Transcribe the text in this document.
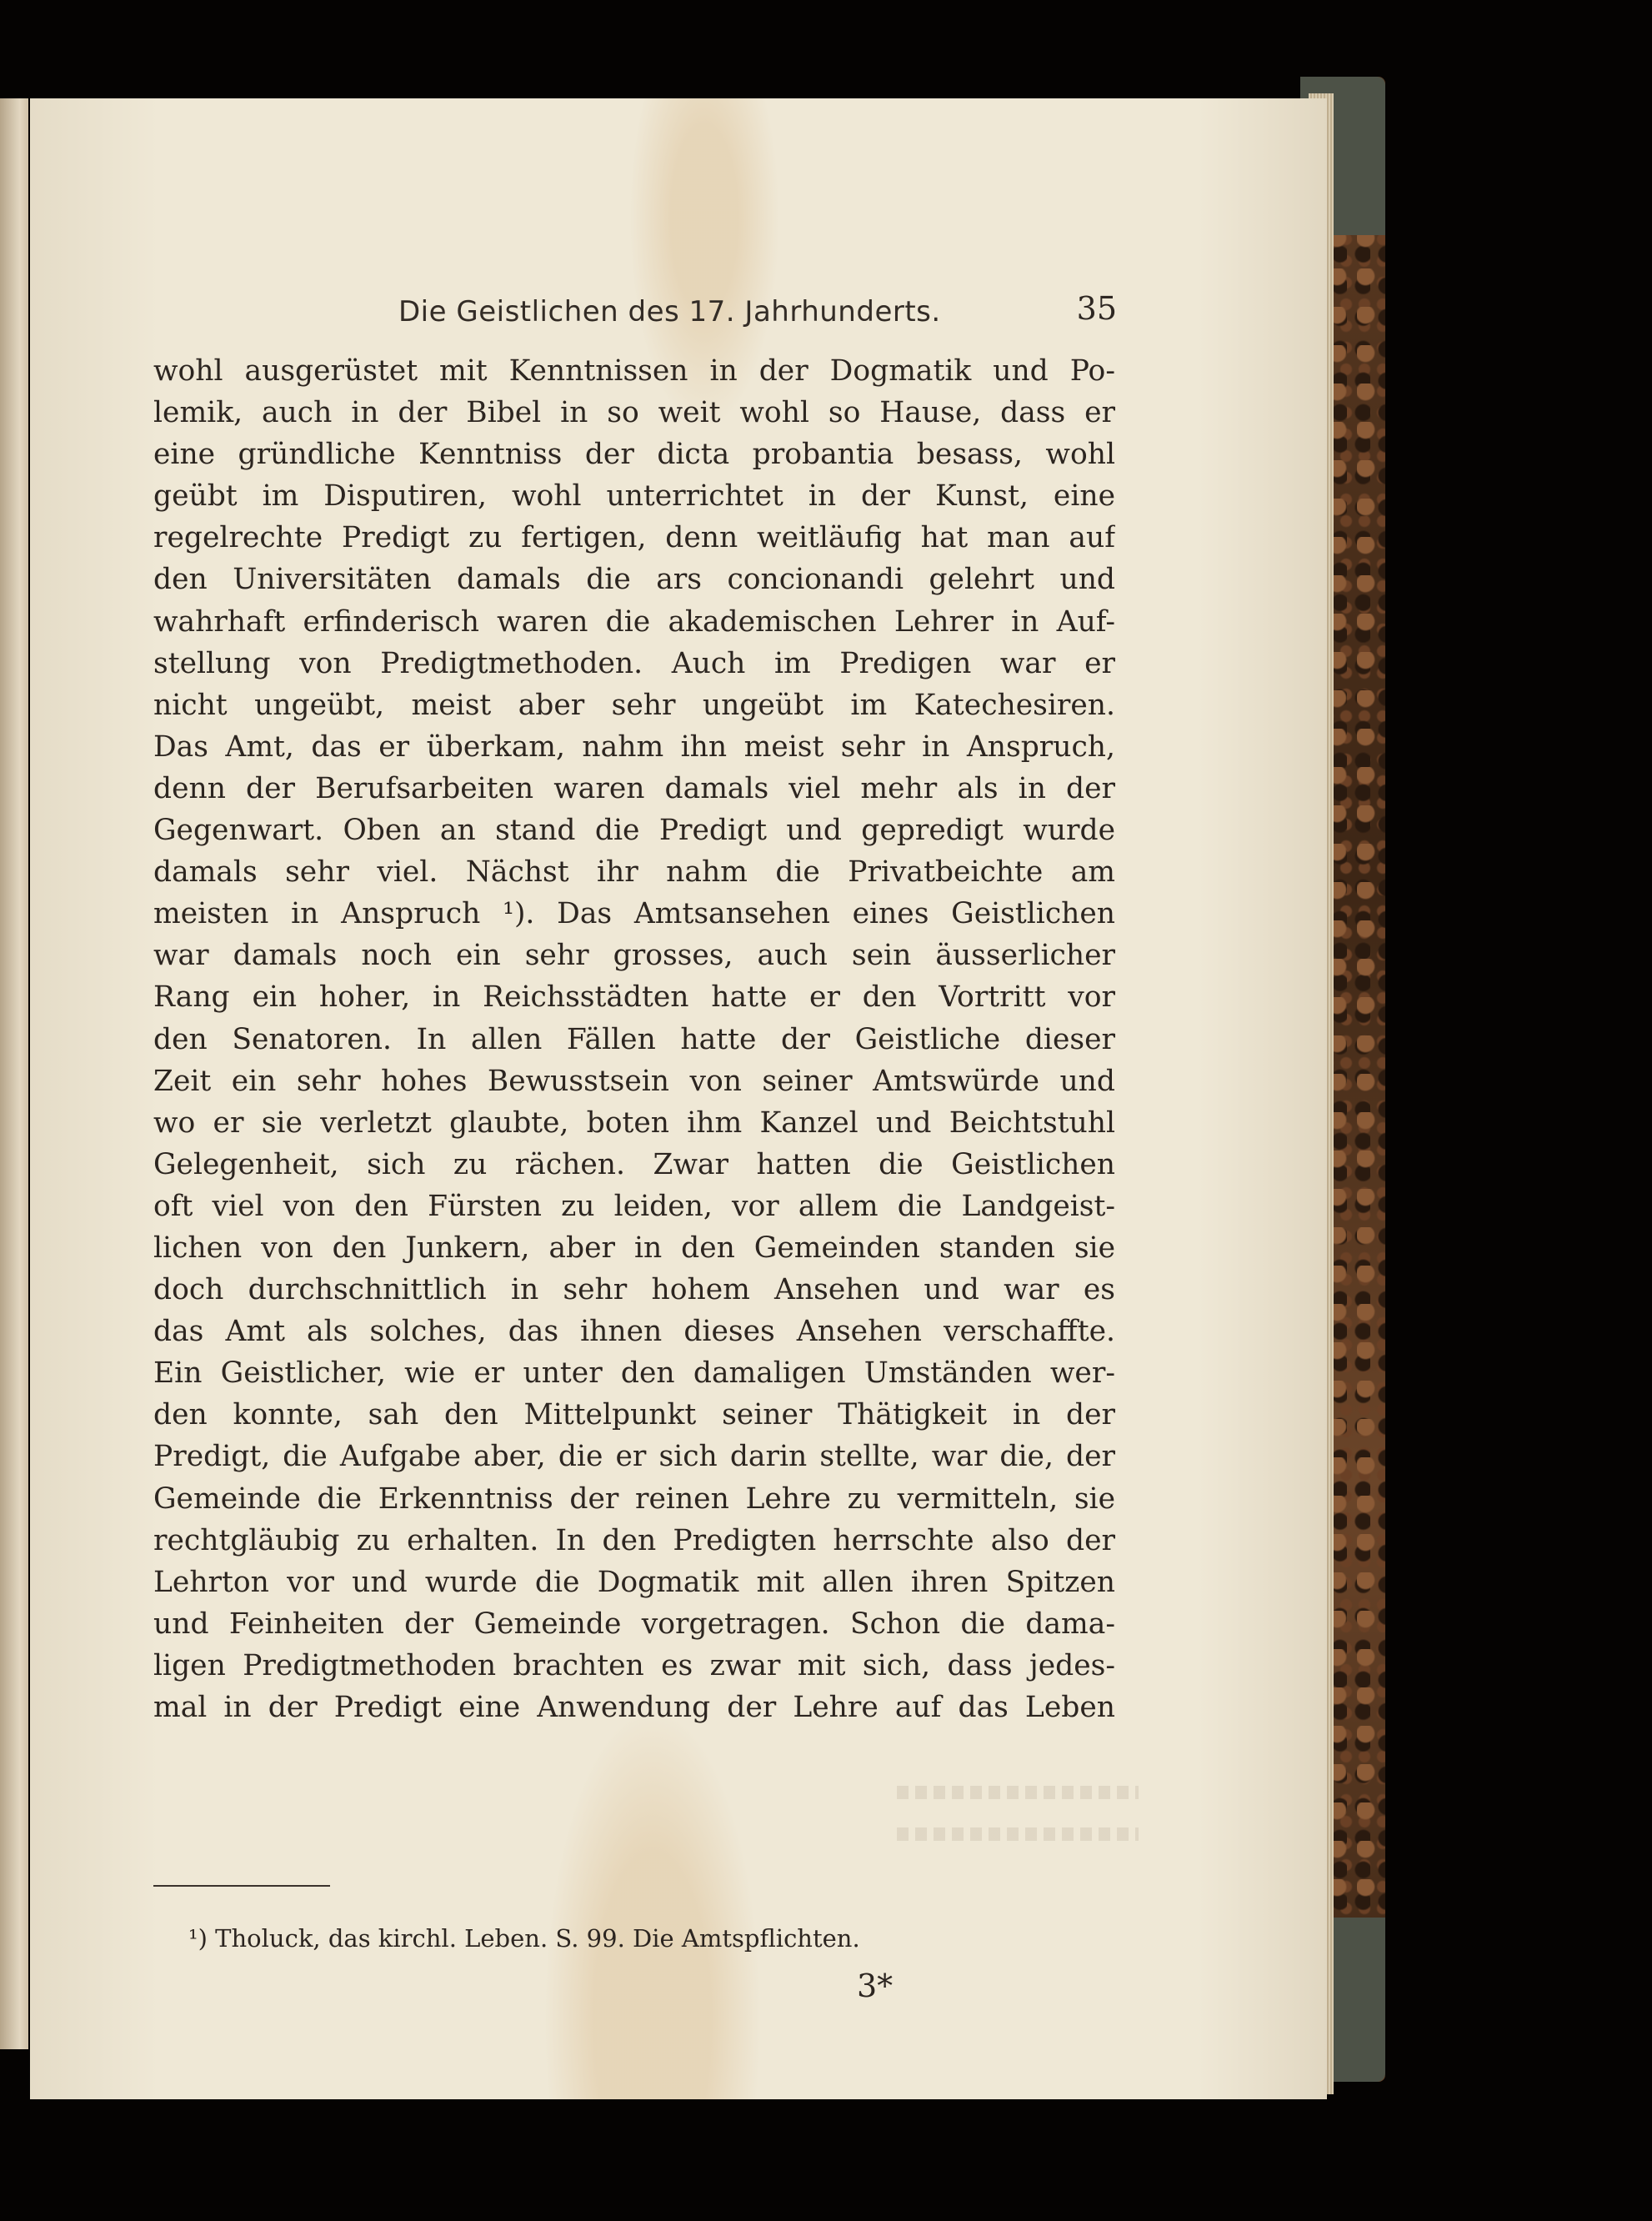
Die Geistlichen des 17. Jahrhunderts.	35
wohl ausgerüstet mit Kenntnissen in der Dogmatik und Po-
lemik, auch in der Bibel in so weit wohl so Hause, dass er
eine gründliche Kenntniss der dicta probantia besass, wohl
geübt im Disputiren, wohl unterrichtet in der Kunst, eine
regelrechte Predigt zu fertigen, denn weitläufig hat man auf
den Universitäten damals die ars concionandi gelehrt und
wahrhaft erfinderisch waren die akademischen Lehrer in Auf-
stellung von Predigtmethoden. Auch im Predigen war er
nicht ungeübt, meist aber sehr ungeübt im Katechesiren.
Das Amt, das er überkam, nahm ihn meist sehr in Anspruch,
denn der Berufsarbeiten waren damals viel mehr als in der
Gegenwart. Oben an stand die Predigt und gepredigt wurde
damals sehr viel. Nächst ihr nahm die Privatbeichte am
meisten in Anspruch ¹). Das Amtsansehen eines Geistlichen
war damals noch ein sehr grosses, auch sein äusserlicher
Rang ein hoher, in Reichsstädten hatte er den Vortritt vor
den Senatoren. In allen Fällen hatte der Geistliche dieser
Zeit ein sehr hohes Bewusstsein von seiner Amtswürde und
wo er sie verletzt glaubte, boten ihm Kanzel und Beichtstuhl
Gelegenheit, sich zu rächen. Zwar hatten die Geistlichen
oft viel von den Fürsten zu leiden, vor allem die Landgeist-
lichen von den Junkern, aber in den Gemeinden standen sie
doch durchschnittlich in sehr hohem Ansehen und war es
das Amt als solches, das ihnen dieses Ansehen verschaffte.
Ein Geistlicher, wie er unter den damaligen Umständen wer-
den konnte, sah den Mittelpunkt seiner Thätigkeit in der
Predigt, die Aufgabe aber, die er sich darin stellte, war die, der
Gemeinde die Erkenntniss der reinen Lehre zu vermitteln, sie
rechtgläubig zu erhalten. In den Predigten herrschte also der
Lehrton vor und wurde die Dogmatik mit allen ihren Spitzen
und Feinheiten der Gemeinde vorgetragen. Schon die dama-
ligen Predigtmethoden brachten es zwar mit sich, dass jedes-
mal in der Predigt eine Anwendung der Lehre auf das Leben
¹) Tholuck, das kirchl. Leben. S. 99. Die Amtspflichten.
3*
